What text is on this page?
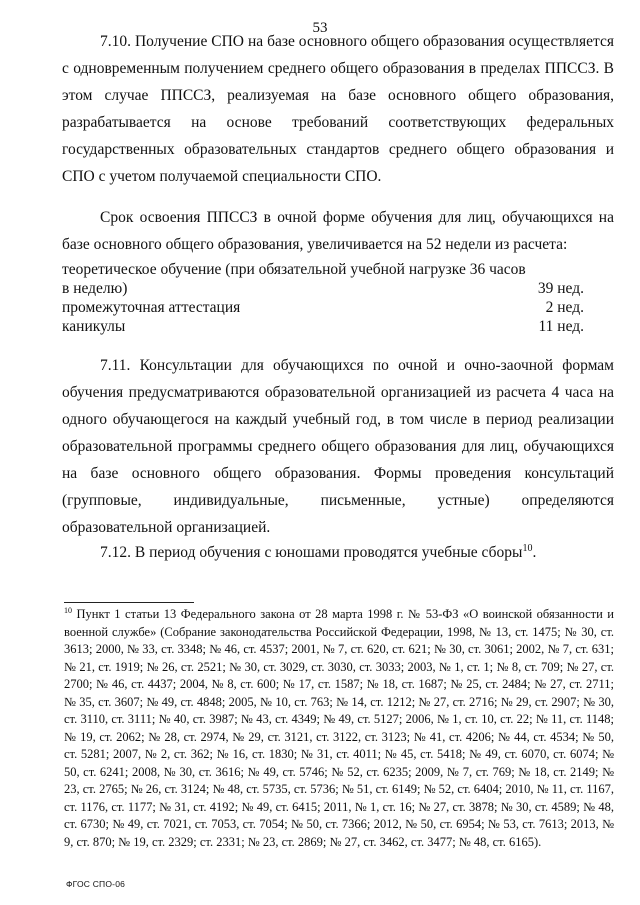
53

7.10. Получение СПО на базе основного общего образования осуществляется с одновременным получением среднего общего образования в пределах ППССЗ. В этом случае ППССЗ, реализуемая на базе основного общего образования, разрабатывается на основе требований соответствующих федеральных государственных образовательных стандартов среднего общего образования и СПО с учетом получаемой специальности СПО.

Срок освоения ППССЗ в очной форме обучения для лиц, обучающихся на базе основного общего образования, увеличивается на 52 недели из расчета:

теоретическое обучение (при обязательной учебной нагрузке 36 часов в неделю)	39 нед.
промежуточная аттестация	2 нед.
каникулы	11 нед.

7.11. Консультации для обучающихся по очной и очно-заочной формам обучения предусматриваются образовательной организацией из расчета 4 часа на одного обучающегося на каждый учебный год, в том числе в период реализации образовательной программы среднего общего образования для лиц, обучающихся на базе основного общего образования. Формы проведения консультаций (групповые, индивидуальные, письменные, устные) определяются образовательной организацией.

7.12. В период обучения с юношами проводятся учебные сборы$^{10}$.

$^{10}$ Пункт 1 статьи 13 Федерального закона от 28 марта 1998 г. № 53-ФЗ «О воинской обязанности и военной службе» (Собрание законодательства Российской Федерации, 1998, № 13, ст. 1475; № 30, ст. 3613; 2000, № 33, ст. 3348; № 46, ст. 4537; 2001, № 7, ст. 620, ст. 621; № 30, ст. 3061; 2002, № 7, ст. 631; № 21, ст. 1919; № 26, ст. 2521; № 30, ст. 3029, ст. 3030, ст. 3033; 2003, № 1, ст. 1; № 8, ст. 709; № 27, ст. 2700; № 46, ст. 4437; 2004, № 8, ст. 600; № 17, ст. 1587; № 18, ст. 1687; № 25, ст. 2484; № 27, ст. 2711; № 35, ст. 3607; № 49, ст. 4848; 2005, № 10, ст. 763; № 14, ст. 1212; № 27, ст. 2716; № 29, ст. 2907; № 30, ст. 3110, ст. 3111; № 40, ст. 3987; № 43, ст. 4349; № 49, ст. 5127; 2006, № 1, ст. 10, ст. 22; № 11, ст. 1148; № 19, ст. 2062; № 28, ст. 2974, № 29, ст. 3121, ст. 3122, ст. 3123; № 41, ст. 4206; № 44, ст. 4534; № 50, ст. 5281; 2007, № 2, ст. 362; № 16, ст. 1830; № 31, ст. 4011; № 45, ст. 5418; № 49, ст. 6070, ст. 6074; № 50, ст. 6241; 2008, № 30, ст. 3616; № 49, ст. 5746; № 52, ст. 6235; 2009, № 7, ст. 769; № 18, ст. 2149; № 23, ст. 2765; № 26, ст. 3124; № 48, ст. 5735, ст. 5736; № 51, ст. 6149; № 52, ст. 6404; 2010, № 11, ст. 1167, ст. 1176, ст. 1177; № 31, ст. 4192; № 49, ст. 6415; 2011, № 1, ст. 16; № 27, ст. 3878; № 30, ст. 4589; № 48, ст. 6730; № 49, ст. 7021, ст. 7053, ст. 7054; № 50, ст. 7366; 2012, № 50, ст. 6954; № 53, ст. 7613; 2013, № 9, ст. 870; № 19, ст. 2329; ст. 2331; № 23, ст. 2869; № 27, ст. 3462, ст. 3477; № 48, ст. 6165).

ФГОС СПО-06
